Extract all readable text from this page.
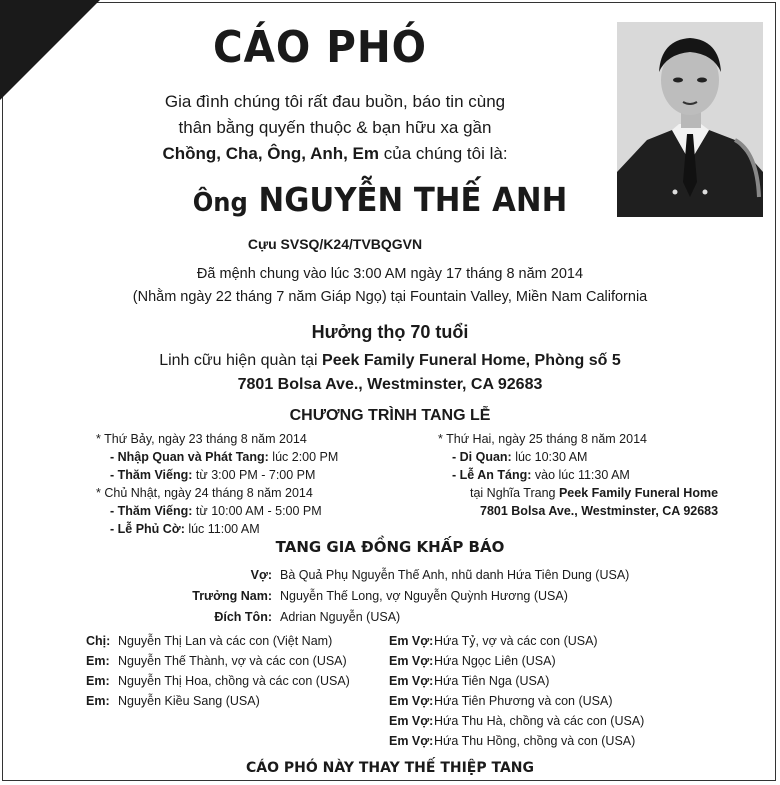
CÁO PHÓ
Gia đình chúng tôi rất đau buồn, báo tin cùng
thân bằng quyến thuộc & bạn hữu xa gần
Chồng, Cha, Ông, Anh, Em của chúng tôi là:
Ông NGUYỄN THẾ ANH
Cựu SVSQ/K24/TVBQGVN
Đã mệnh chung vào lúc 3:00 AM ngày 17 tháng 8 năm 2014
(Nhằm ngày 22 tháng 7 năm Giáp Ngọ) tại Fountain Valley, Miền Nam California
Hưởng thọ 70 tuổi
Linh cữu hiện quàn tại Peek Family Funeral Home, Phòng số 5
7801 Bolsa Ave., Westminster, CA 92683
CHƯƠNG TRÌNH TANG LỄ
* Thứ Bảy, ngày 23 tháng 8 năm 2014
- Nhập Quan và Phát Tang: lúc 2:00 PM
- Thăm Viếng: từ 3:00 PM - 7:00 PM
* Chủ Nhật, ngày 24 tháng 8 năm 2014
- Thăm Viếng: từ 10:00 AM - 5:00 PM
- Lễ Phủ Cờ: lúc 11:00 AM
* Thứ Hai, ngày 25 tháng 8 năm 2014
- Di Quan: lúc 10:30 AM
- Lễ An Táng: vào lúc 11:30 AM
tại Nghĩa Trang Peek Family Funeral Home
7801 Bolsa Ave., Westminster, CA 92683
TANG GIA ĐỒNG KHẤP BÁO
Vợ: Bà Quả Phụ Nguyễn Thế Anh, nhũ danh Hứa Tiên Dung (USA)
Trưởng Nam: Nguyễn Thế Long, vợ Nguyễn Quỳnh Hương (USA)
Đích Tôn: Adrian Nguyễn (USA)
Chị: Nguyễn Thị Lan và các con (Việt Nam)
Em: Nguyễn Thế Thành, vợ và các con (USA)
Em: Nguyễn Thị Hoa, chồng và các con (USA)
Em: Nguyễn Kiều Sang (USA)
Em Vợ: Hứa Tỷ, vợ và các con (USA)
Em Vợ: Hứa Ngọc Liên (USA)
Em Vợ: Hứa Tiên Nga (USA)
Em Vợ: Hứa Tiên Phương và con (USA)
Em Vợ: Hứa Thu Hà, chồng và các con (USA)
Em Vợ: Hứa Thu Hồng, chồng và con (USA)
CÁO PHÓ NÀY THAY THẾ THIỆP TANG
